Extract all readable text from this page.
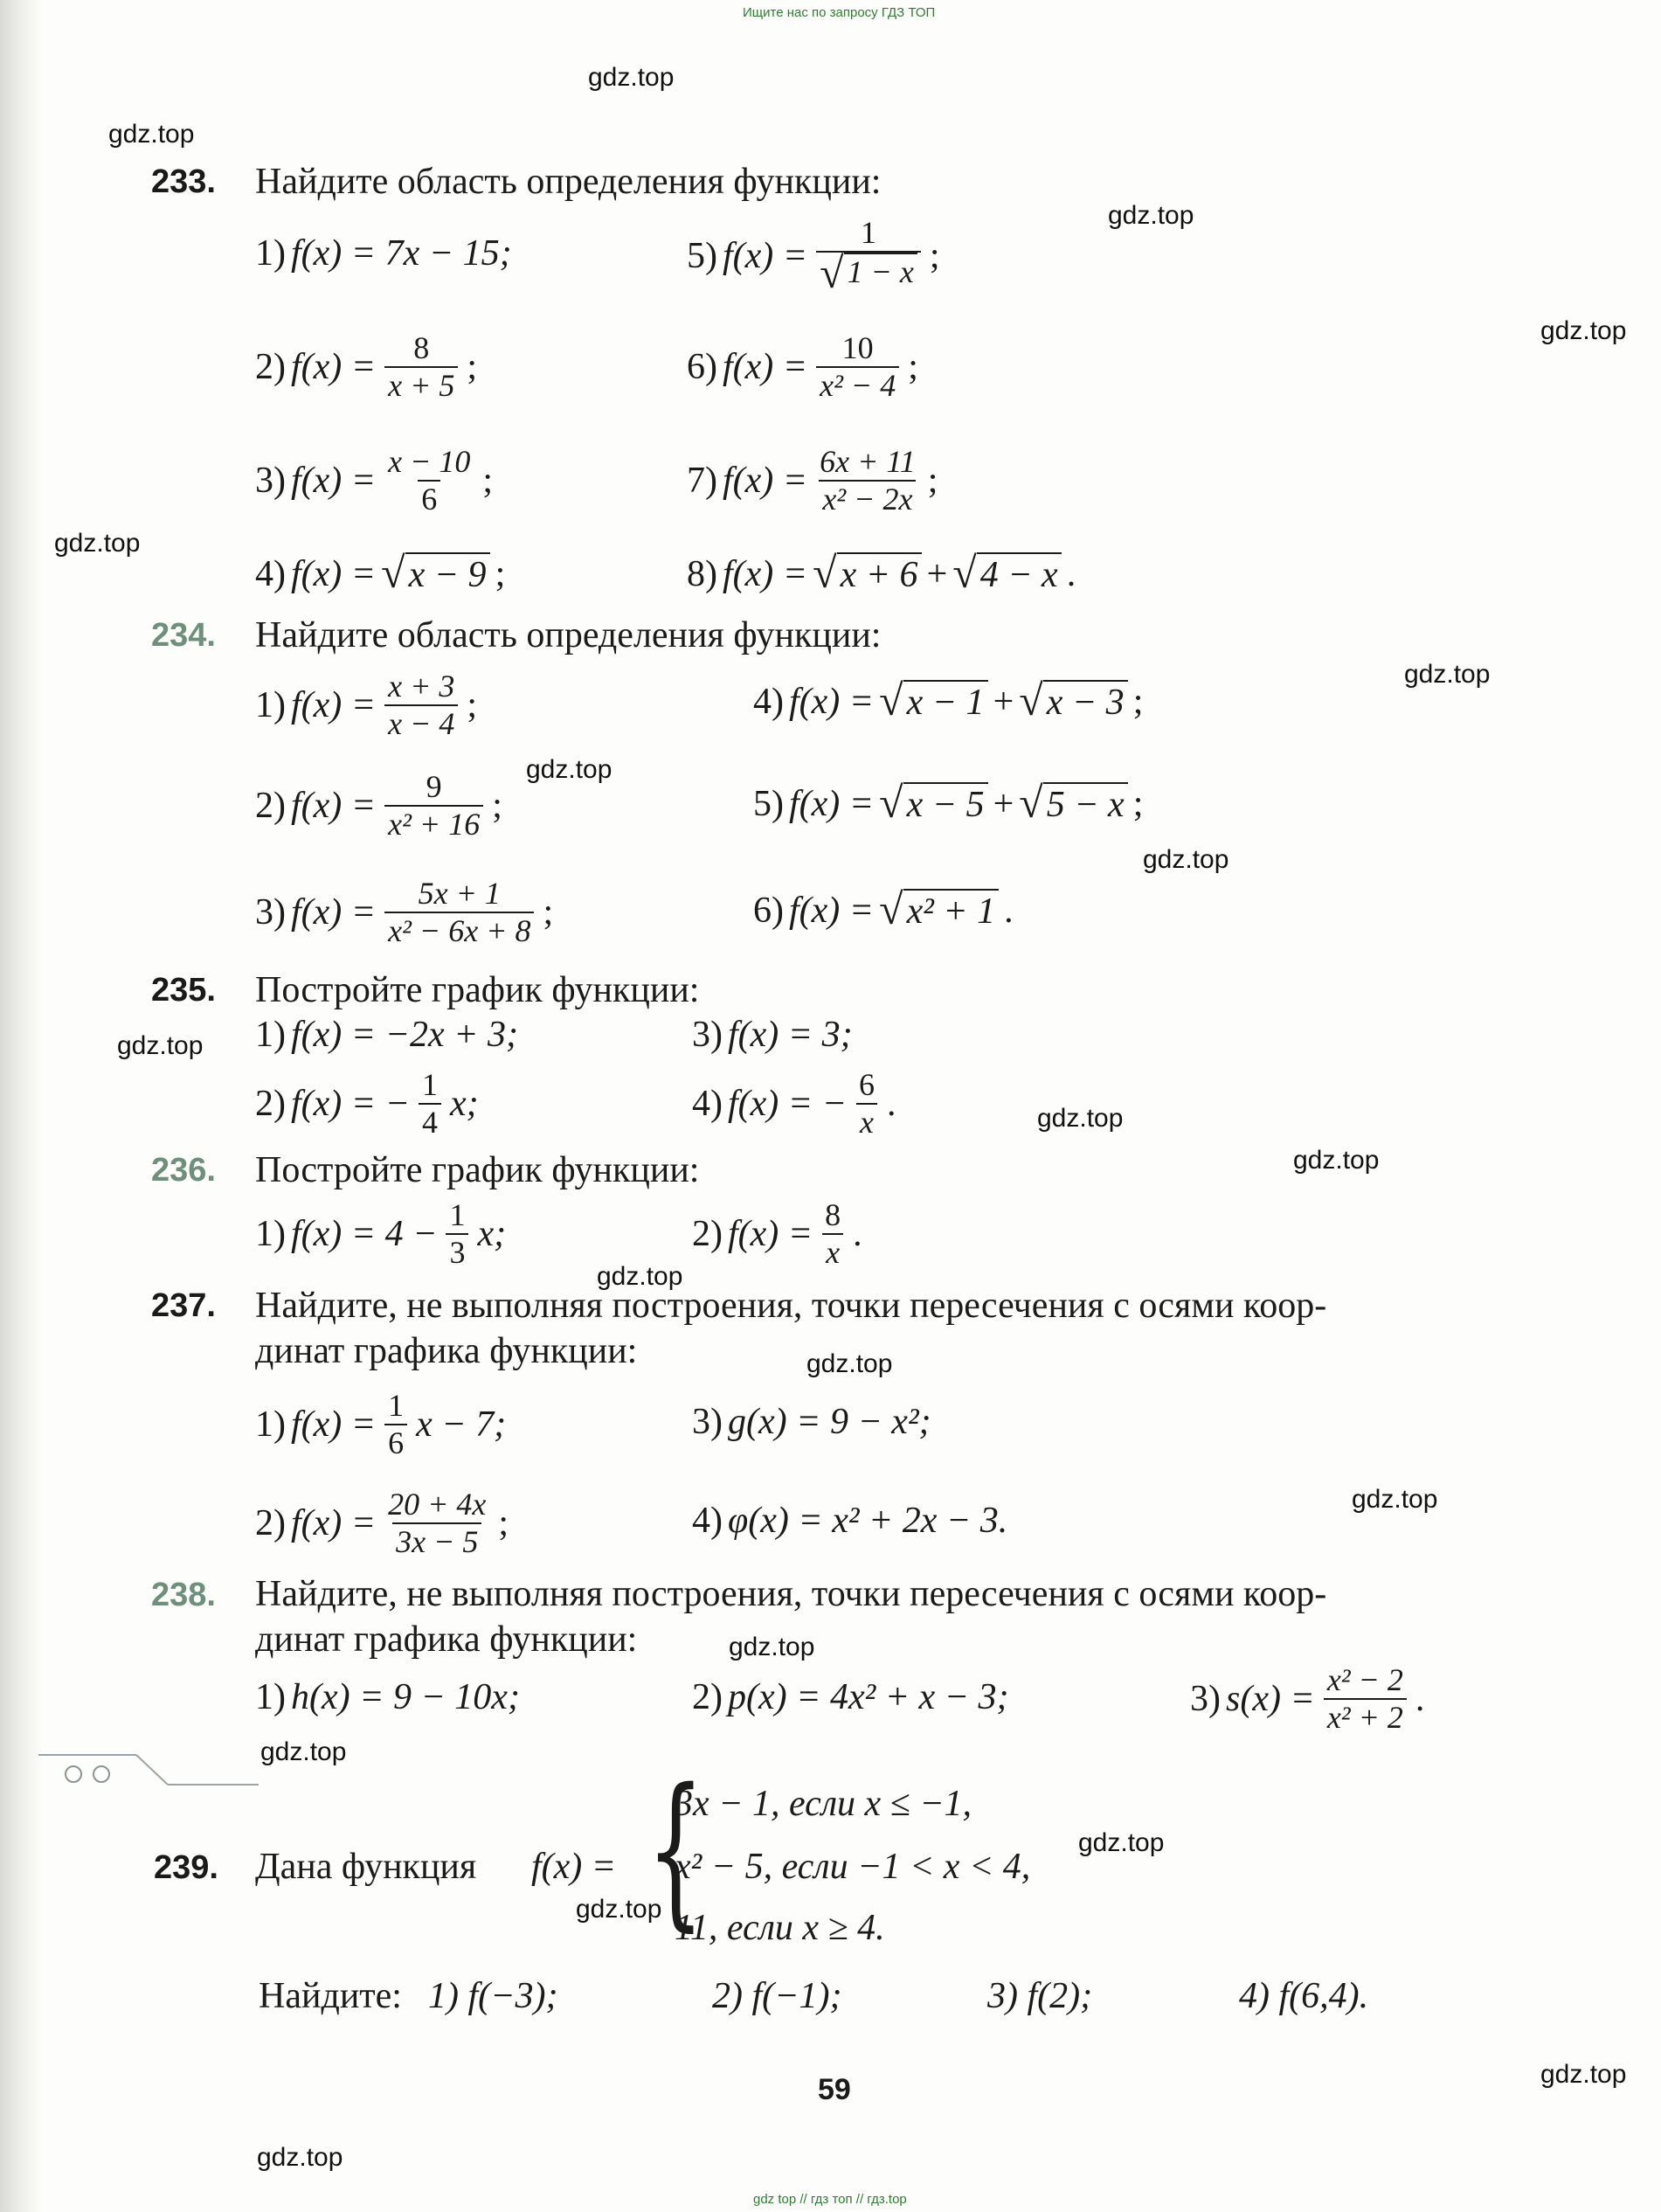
Ищите нас по запросу ГДЗ ТОП
gdz.top
gdz.top
gdz.top
gdz.top
gdz.top
gdz.top
gdz.top
gdz.top
gdz.top
gdz.top
gdz.top
gdz.top
gdz.top
gdz.top
gdz.top
gdz.top
gdz.top
gdz.top
gdz.top
gdz.top
233. Найдите область определения функции:
1) f(x) = 7x − 15;	5) $f(x) = \frac{1}{√ 1 - x}$ ;
2) $f(x) = \frac{8}{x + 5}$ ;	6) $f(x) = \frac{10}{\text{x² − 4}}$ ;
3) $f(x) = \frac{x - 10}{6}$ ;	7) $f(x) = \frac{6x + 11}{\text{x² − 2x}}$ ;
4) f(x) = √ x − 9 ;	8) f(x) = √ x + 6 + √ 4 − x .
234. Найдите область определения функции:
1) $f(x) = \frac{x + 3}{x - 4}$ ;	4) f(x) = √ x − 1 + √ x − 3 ;
2) $f(x) = \frac{9}{\text{x² + 16}}$ ;	5) f(x) = √ x − 5 + √ 5 − x ;
3) $f(x) = \frac{5x + 1}{\text{x² − 6x + 8}}$ ;	6) f(x) = √ x² + 1 .
235. Постройте график функции:
1) f(x) = −2x + 3;	3) f(x) = 3;
2) f(x) = − $\frac{1}{4} x$;	4) f(x) = − $\frac{6}{x}$ .
236. Постройте график функции:
1) $f(x) = 4 - \frac{1}{3} x$;	2) $f(x) = \frac{8}{x}$ .
237. Найдите, не выполняя построения, точки пересечения с осями коор-
динат графика функции:
1) $f(x) = \frac{1}{6}$ x − 7;	3) g(x) = 9 − x²;
2) $f(x) = \frac{20 + 4x}{3x - 5}$ ;	4) φ(x) = x² + 2x − 3.
238. Найдите, не выполняя построения, точки пересечения с осями коор-
динат графика функции:
1) h(x) = 9 − 10x;	2) p(x) = 4x² + x − 3;	3) $s(x) = \frac{\text{x² − 2}}{\text{x² + 2}}$ .
239. Дана функция f(x) = {
3x − 1, если x ≤ −1,
x² − 5, если −1 < x < 4,
11, если x ≥ 4.
Найдите: 1) f(−3);	2) f(−1);	3) f(2);	4) f(6,4).
59
gdz top // гдз топ // гдз.top
